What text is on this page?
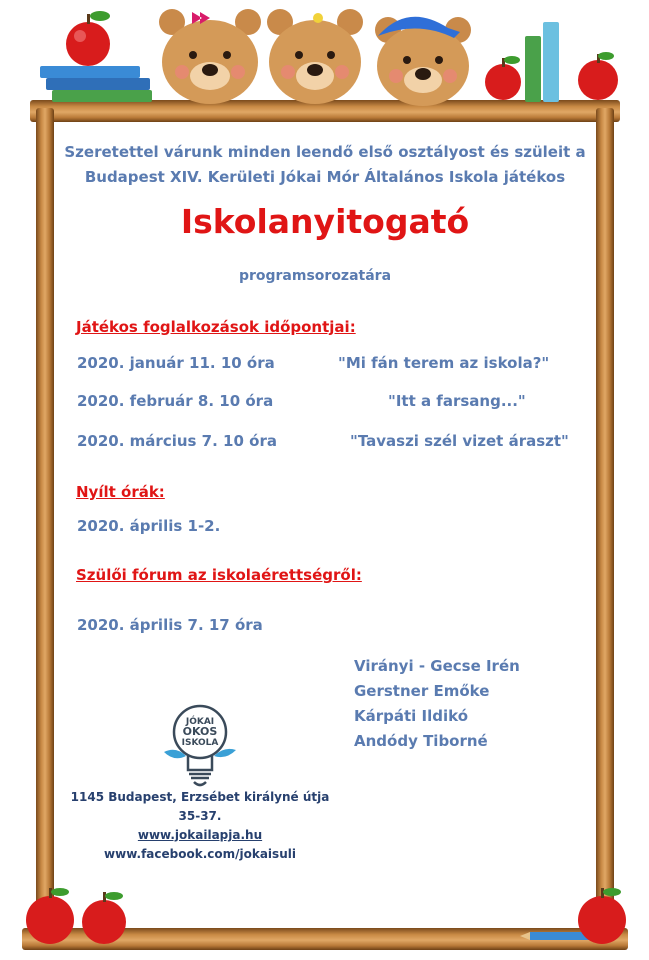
Szeretettel várunk minden leendő első osztályost és szüleit a
Budapest XIV. Kerületi Jókai Mór Általános Iskola játékos
Iskolanyitogató
programsorozatára
Játékos foglalkozások időpontjai:
2020. január 11. 10 óra	"Mi fán terem az iskola?"
2020. február 8. 10 óra	"Itt a farsang..."
2020. március 7. 10 óra	"Tavaszi szél vizet áraszt"
Nyílt órák:
2020. április 1-2.
Szülői fórum az iskolaérettségről:
2020. április 7. 17 óra
Virányi - Gecse Irén
Gerstner Emőke
Kárpáti Ildikó
Andódy Tiborné
JÓKAI
OKOS
ISKOLA
1145 Budapest, Erzsébet királyné útja
35-37.
www.jokailapja.hu
www.facebook.com/jokaisuli
